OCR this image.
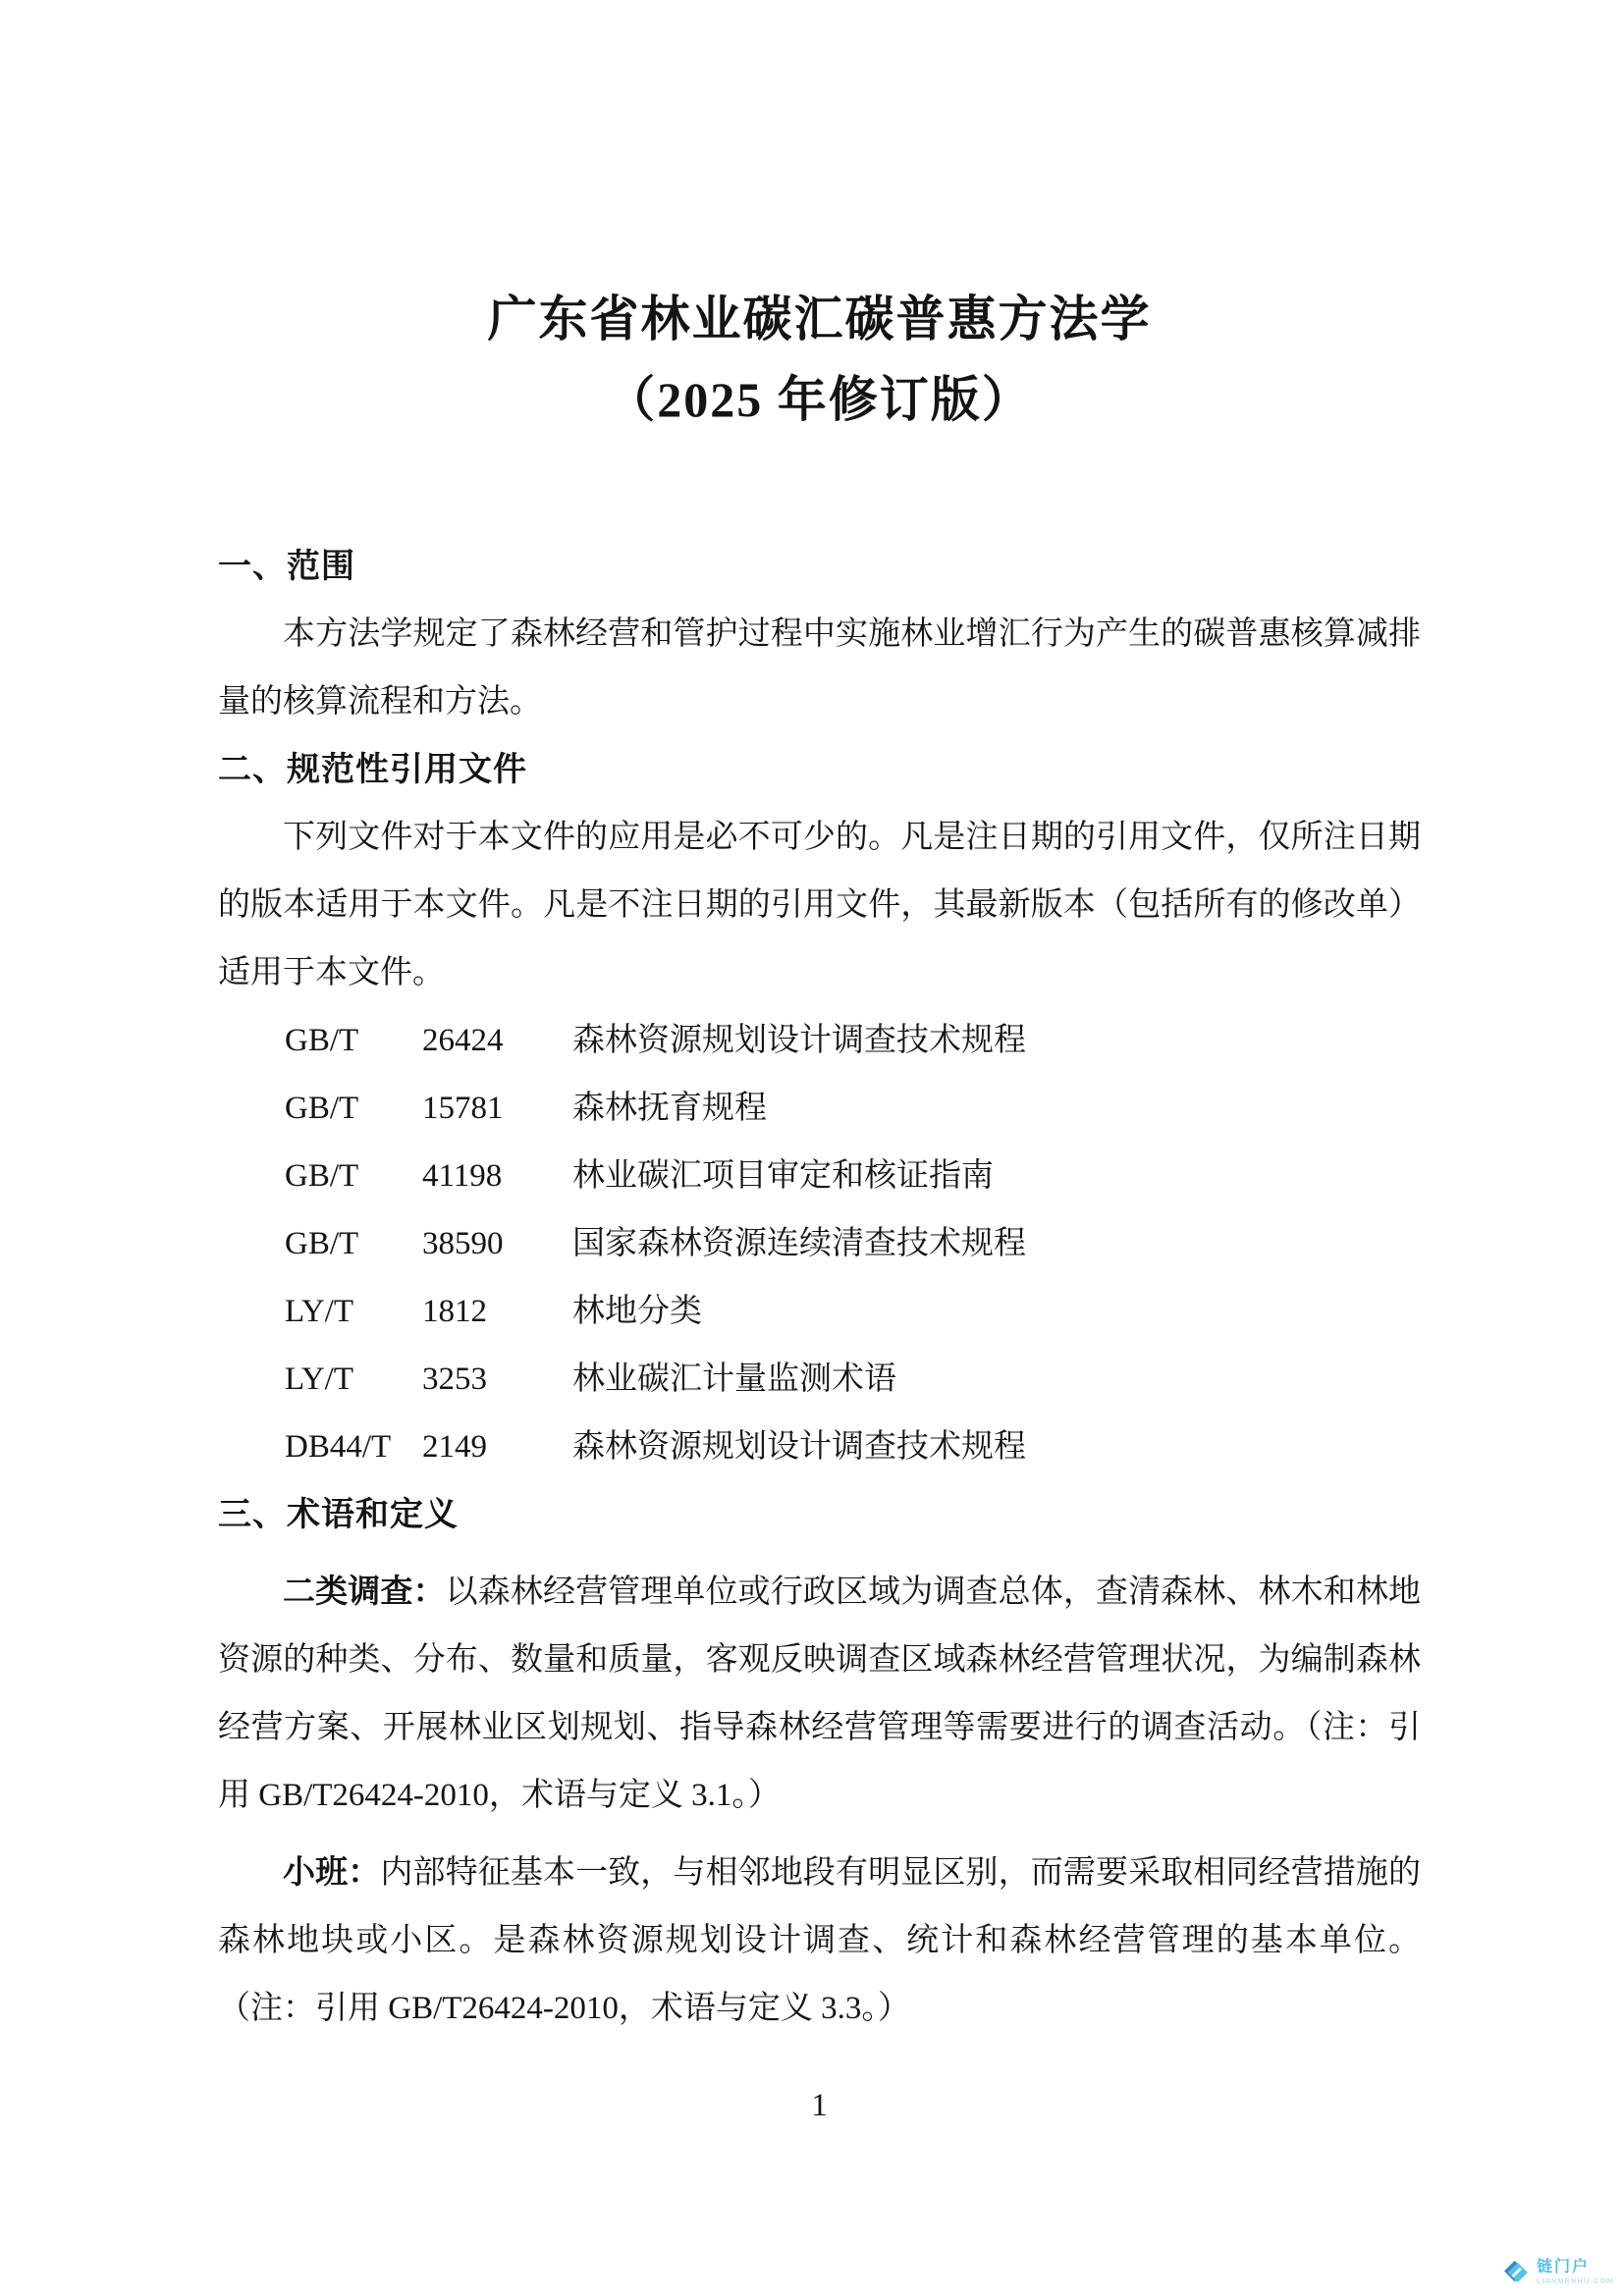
广东省林业碳汇碳普惠方法学
（2025 年修订版）
一、范围

本方法学规定了森林经营和管护过程中实施林业增汇行为产生的碳普惠核算减排量的核算流程和方法。

二、规范性引用文件

下列文件对于本文件的应用是必不可少的。凡是注日期的引用文件，仅所注日期的版本适用于本文件。凡是不注日期的引用文件，其最新版本（包括所有的修改单）适用于本文件。

GB/T	26424	森林资源规划设计调查技术规程
GB/T	15781	森林抚育规程
GB/T	41198	林业碳汇项目审定和核证指南
GB/T	38590	国家森林资源连续清查技术规程
LY/T	1812	林地分类
LY/T	3253	林业碳汇计量监测术语
DB44/T 2149	森林资源规划设计调查技术规程
三、术语和定义

二类调查：以森林经营管理单位或行政区域为调查总体，查清森林、林木和林地资源的种类、分布、数量和质量，客观反映调查区域森林经营管理状况，为编制森林经营方案、开展林业区划规划、指导森林经营管理等需要进行的调查活动。（注：引用 GB/T26424-2010，术语与定义 3.1。）

小班：内部特征基本一致，与相邻地段有明显区别，而需要采取相同经营措施的森林地块或小区。是森林资源规划设计调查、统计和森林经营管理的基本单位。（注：引用 GB/T26424-2010，术语与定义 3.3。）

1
链门户
LIANMENHU.COM
